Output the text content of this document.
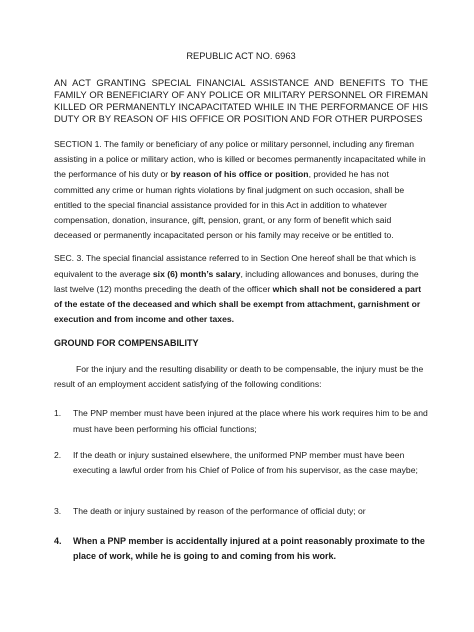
REPUBLIC ACT NO. 6963
AN ACT GRANTING SPECIAL FINANCIAL ASSISTANCE AND BENEFITS TO THE FAMILY OR BENEFICIARY OF ANY POLICE OR MILITARY PERSONNEL OR FIREMAN KILLED OR PERMANENTLY INCAPACITATED WHILE IN THE PERFORMANCE OF HIS DUTY OR BY REASON OF HIS OFFICE OR POSITION AND FOR OTHER PURPOSES
SECTION 1. The family or beneficiary of any police or military personnel, including any fireman assisting in a police or military action, who is killed or becomes permanently incapacitated while in the performance of his duty or by reason of his office or position, provided he has not committed any crime or human rights violations by final judgment on such occasion, shall be entitled to the special financial assistance provided for in this Act in addition to whatever compensation, donation, insurance, gift, pension, grant, or any form of benefit which said deceased or permanently incapacitated person or his family may receive or be entitled to.
SEC. 3. The special financial assistance referred to in Section One hereof shall be that which is equivalent to the average six (6) month’s salary, including allowances and bonuses, during the last twelve (12) months preceding the death of the officer which shall not be considered a part of the estate of the deceased and which shall be exempt from attachment, garnishment or execution and from income and other taxes.
GROUND FOR COMPENSABILITY
For the injury and the resulting disability or death to be compensable, the injury must be the result of an employment accident satisfying of the following conditions:
1. The PNP member must have been injured at the place where his work requires him to be and must have been performing his official functions;
2. If the death or injury sustained elsewhere, the uniformed PNP member must have been executing a lawful order from his Chief of Police of from his supervisor, as the case maybe;
3. The death or injury sustained by reason of the performance of official duty; or
4. When a PNP member is accidentally injured at a point reasonably proximate to the place of work, while he is going to and coming from his work.
